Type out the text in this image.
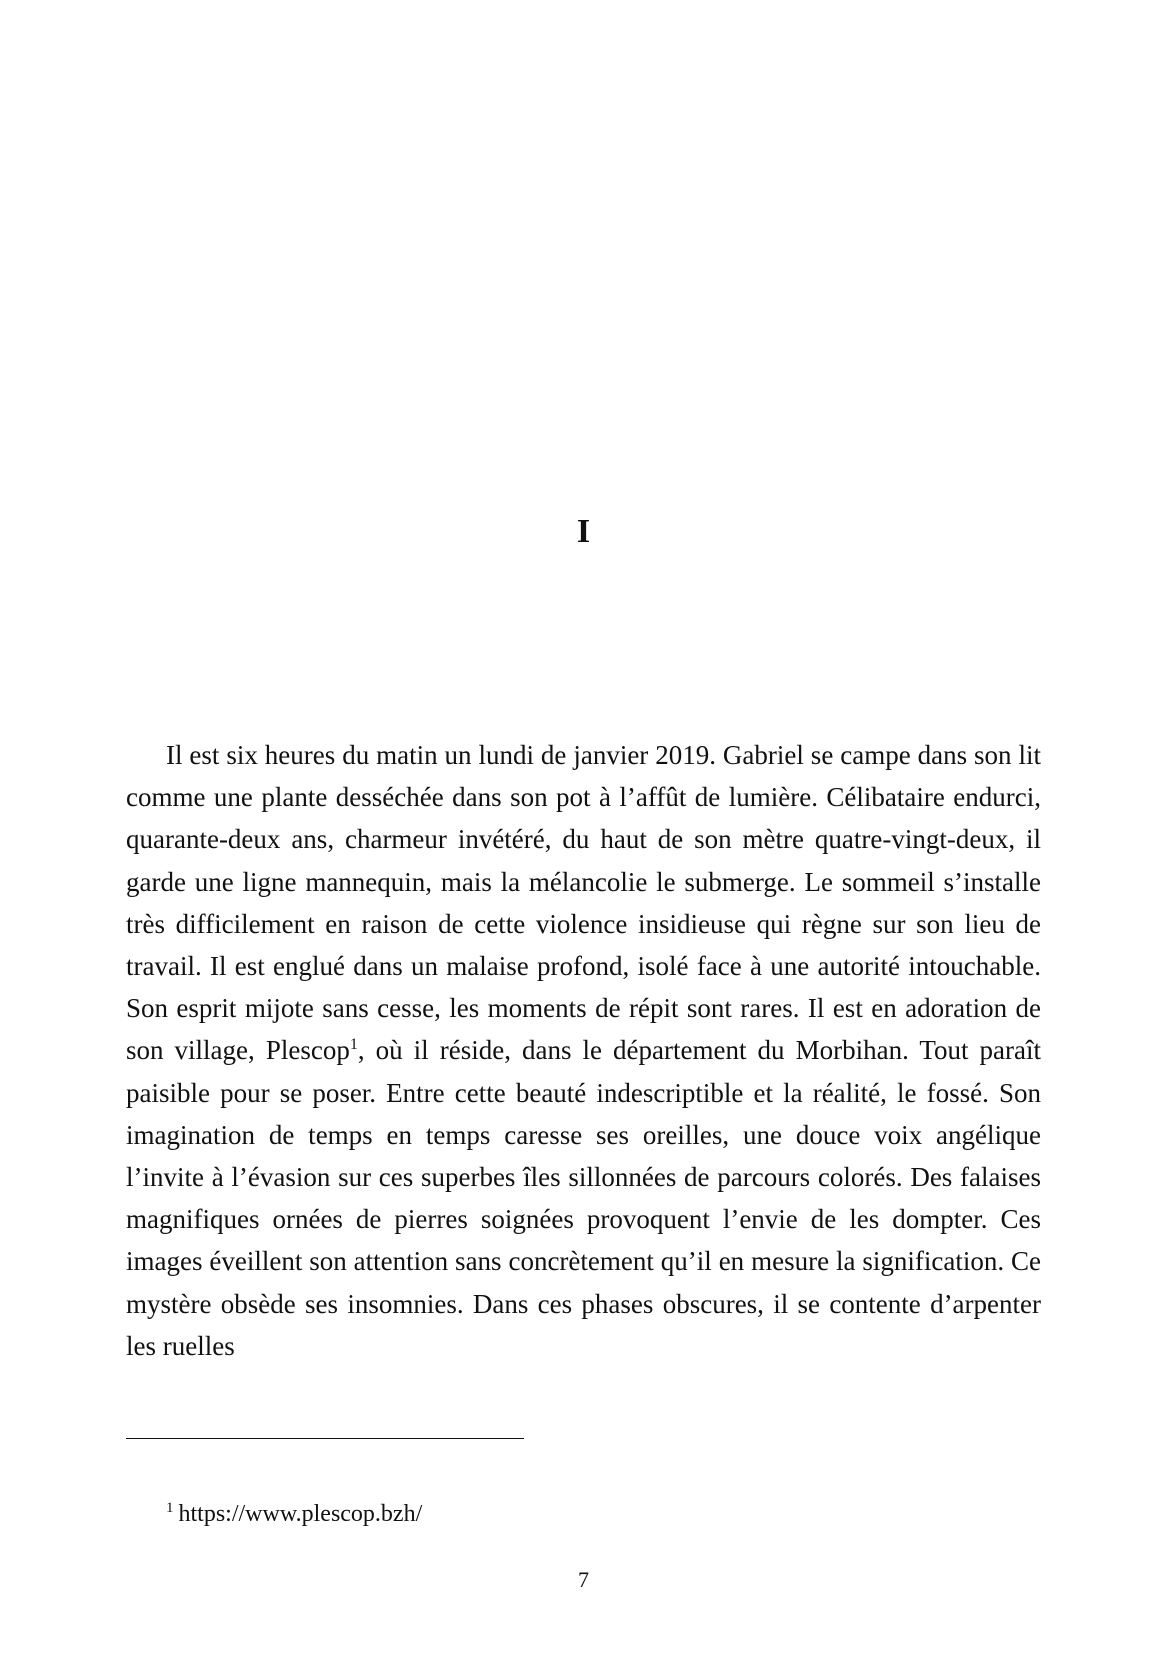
I

Il est six heures du matin un lundi de janvier 2019. Gabriel se campe dans son lit comme une plante desséchée dans son pot à l’affût de lumière. Célibataire endurci, quarante-deux ans, charmeur invétéré, du haut de son mètre quatre-vingt-deux, il garde une ligne mannequin, mais la mélancolie le submerge. Le sommeil s’installe très difficilement en raison de cette violence insidieuse qui règne sur son lieu de travail. Il est englué dans un malaise profond, isolé face à une autorité intouchable. Son esprit mijote sans cesse, les moments de répit sont rares. Il est en adoration de son village, Plescop$^1$, où il réside, dans le département du Morbihan. Tout paraît paisible pour se poser. Entre cette beauté indescriptible et la réalité, le fossé. Son imagination de temps en temps caresse ses oreilles, une douce voix angélique l’invite à l’évasion sur ces superbes îles sillonnées de parcours colorés. Des falaises magnifiques ornées de pierres soignées provoquent l’envie de les dompter. Ces images éveillent son attention sans concrètement qu’il en mesure la signification. Ce mystère obsède ses insomnies. Dans ces phases obscures, il se contente d’arpenter les ruelles

$^1$ https://www.plescop.bzh/

7
